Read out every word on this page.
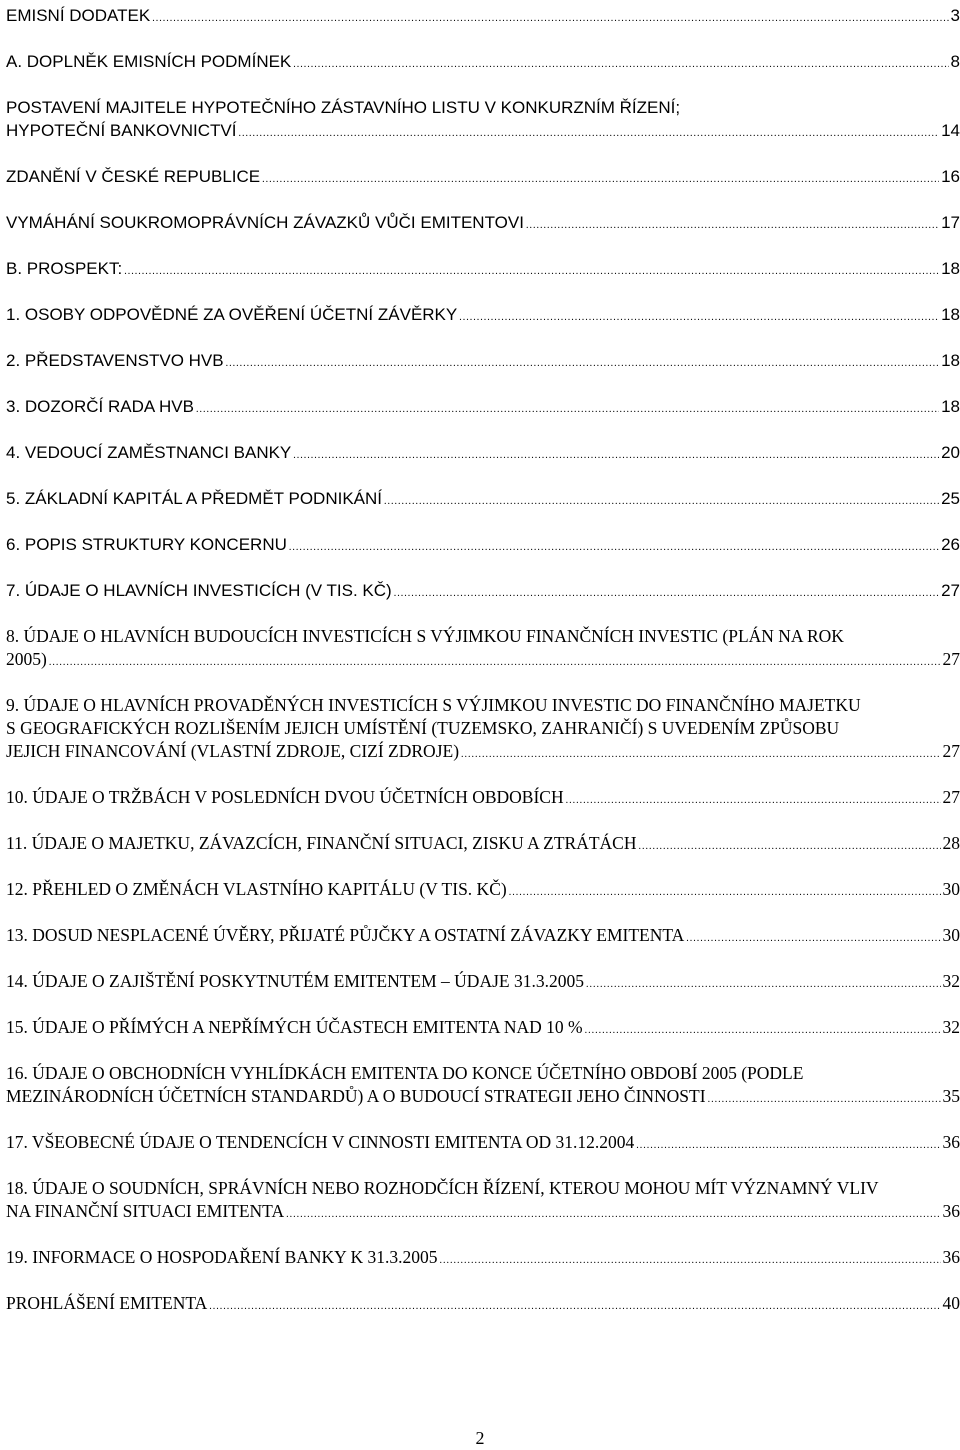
EMISNÍ DODATEK .....	3
A. DOPLNĚK EMISNÍCH PODMÍNEK .....	8
POSTAVENÍ MAJITELE HYPOTEČNÍHO ZÁSTAVNÍHO LISTU V KONKURZNÍM ŘÍZENÍ;
HYPOTEČNÍ BANKOVNICTVÍ .....	14
ZDANĚNÍ V ČESKÉ REPUBLICE .....	16
VYMÁHÁNÍ SOUKROMOPRÁVNÍCH ZÁVAZKŮ VŮČI EMITENTOVI .....	17
B. PROSPEKT: .....	18
1. OSOBY ODPOVĚDNÉ ZA OVĚŘENÍ ÚČETNÍ ZÁVĚRKY .....	18
2. PŘEDSTAVENSTVO HVB .....	18
3. DOZORČÍ RADA HVB .....	18
4. VEDOUCÍ ZAMĚSTNANCI BANKY .....	20
5. ZÁKLADNÍ KAPITÁL A PŘEDMĚT PODNIKÁNÍ .....	25
6. POPIS STRUKTURY KONCERNU .....	26
7. ÚDAJE O HLAVNÍCH INVESTICÍCH (V TIS. KČ) .....	27
8. ÚDAJE O HLAVNÍCH BUDOUCÍCH INVESTICÍCH S VÝJIMKOU FINANČNÍCH INVESTIC (PLÁN NA ROK
2005) .....	27
9. ÚDAJE O HLAVNÍCH PROVADĚNÝCH INVESTICÍCH S VÝJIMKOU INVESTIC DO FINANČNÍHO MAJETKU
S GEOGRAFICKÝCH ROZLIŠENÍM JEJICH UMÍSTĚNÍ (TUZEMSKO, ZAHRANIČÍ) S UVEDENÍM ZPŮSOBU
JEJICH FINANCOVÁNÍ (VLASTNÍ ZDROJE, CIZÍ ZDROJE) .....	27
10. ÚDAJE O TRŽBÁCH V POSLEDNÍCH DVOU ÚČETNÍCH OBDOBÍCH .....	27
11. ÚDAJE O MAJETKU, ZÁVAZCÍCH, FINANČNÍ SITUACI, ZISKU A ZTRÁTÁCH .....	28
12. PŘEHLED O ZMĚNÁCH VLASTNÍHO KAPITÁLU (V TIS. KČ) .....	30
13. DOSUD NESPLACENÉ ÚVĚRY, PŘIJATÉ PŮJČKY A OSTATNÍ ZÁVAZKY EMITENTA .....	30
14. ÚDAJE O ZAJIŠTĚNÍ POSKYTNUTÉM EMITENTEM – ÚDAJE 31.3.2005 .....	32
15. ÚDAJE O PŘÍMÝCH A NEPŘÍMÝCH ÚČASTECH EMITENTA NAD 10 % .....	32
16. ÚDAJE O OBCHODNÍCH VYHLÍDKÁCH EMITENTA DO KONCE ÚČETNÍHO OBDOBÍ 2005 (PODLE
MEZINÁRODNÍCH ÚČETNÍCH STANDARDŮ) A O BUDOUCÍ STRATEGII JEHO ČINNOSTI .....	35
17. VŠEOBECNÉ ÚDAJE O TENDENCÍCH V CINNOSTI EMITENTA OD 31.12.2004 .....	36
18. ÚDAJE O SOUDNÍCH, SPRÁVNÍCH NEBO ROZHODČÍCH ŘÍZENÍ, KTEROU MOHOU MÍT VÝZNAMNÝ VLIV
NA FINANČNÍ SITUACI EMITENTA .....	36
19. INFORMACE O HOSPODAŘENÍ BANKY K 31.3.2005 .....	36
PROHLÁŠENÍ EMITENTA .....	40
2
